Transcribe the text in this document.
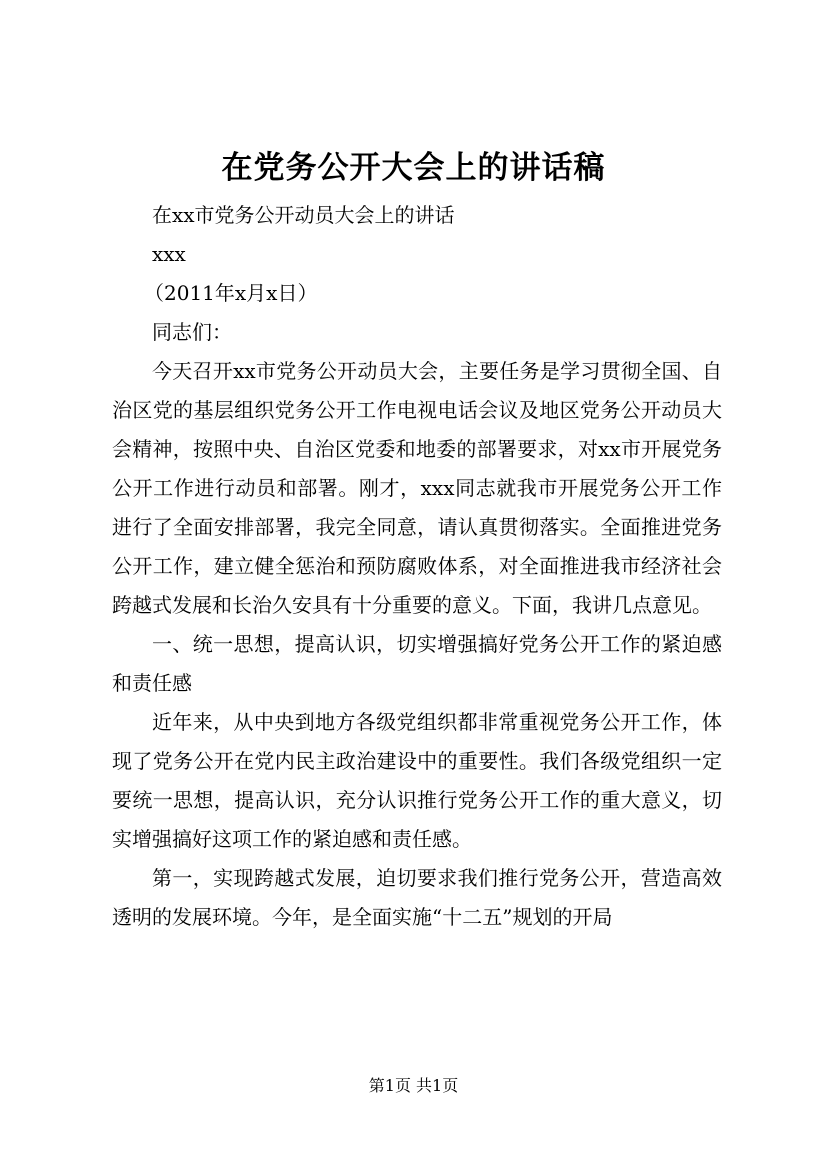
在党务公开大会上的讲话稿

在xx市党务公开动员大会上的讲话

xxx

（2011年x月x日）

同志们：

今天召开xx市党务公开动员大会，主要任务是学习贯彻全国、自治区党的基层组织党务公开工作电视电话会议及地区党务公开动员大会精神，按照中央、自治区党委和地委的部署要求，对xx市开展党务公开工作进行动员和部署。刚才，xxx同志就我市开展党务公开工作进行了全面安排部署，我完全同意，请认真贯彻落实。全面推进党务公开工作，建立健全惩治和预防腐败体系，对全面推进我市经济社会跨越式发展和长治久安具有十分重要的意义。下面，我讲几点意见。

一、统一思想，提高认识，切实增强搞好党务公开工作的紧迫感和责任感

近年来，从中央到地方各级党组织都非常重视党务公开工作，体现了党务公开在党内民主政治建设中的重要性。我们各级党组织一定要统一思想，提高认识，充分认识推行党务公开工作的重大意义，切实增强搞好这项工作的紧迫感和责任感。

第一，实现跨越式发展，迫切要求我们推行党务公开，营造高效透明的发展环境。今年，是全面实施“十二五”规划的开局

第1页 共1页
